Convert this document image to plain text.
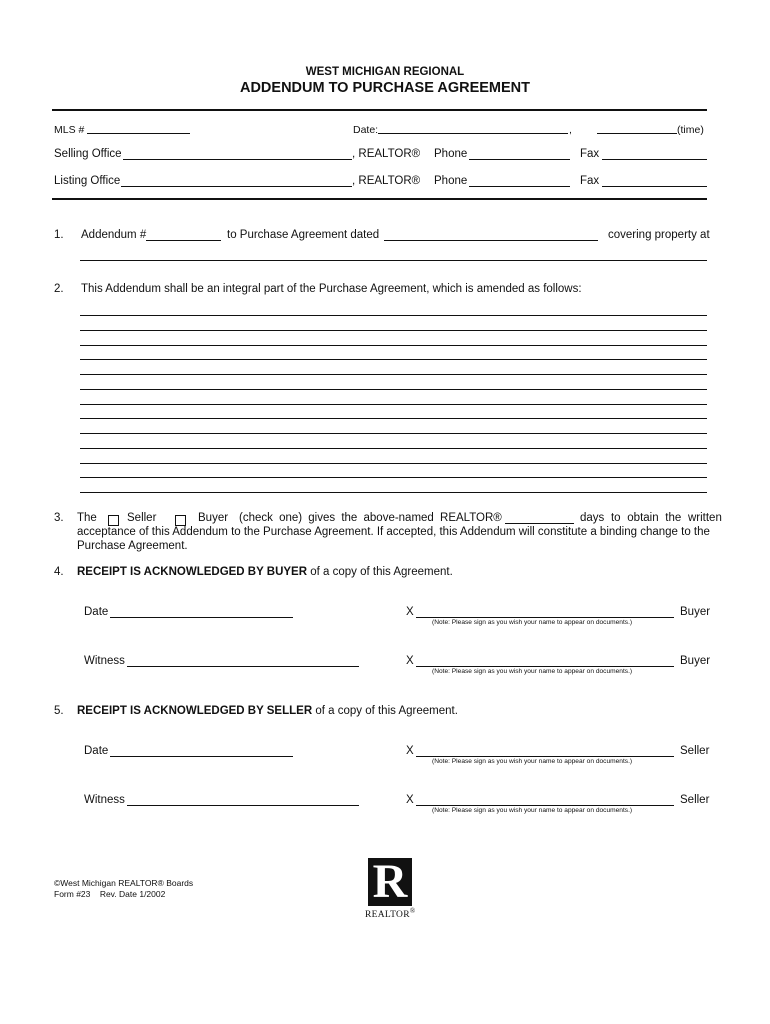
WEST MICHIGAN REGIONAL
ADDENDUM TO PURCHASE AGREEMENT
MLS #	Date:	,	(time)
Selling Office	, REALTOR® Phone	Fax
Listing Office	, REALTOR® Phone	Fax
1. Addendum #	to Purchase Agreement dated	covering property at
2. This Addendum shall be an integral part of the Purchase Agreement, which is amended as follows:
3. The	Seller	Buyer (check one) gives the above-named REALTOR®	days to obtain the written
acceptance of this Addendum to the Purchase Agreement. If accepted, this Addendum will constitute a binding change to the
Purchase Agreement.
4. RECEIPT IS ACKNOWLEDGED BY BUYER of a copy of this Agreement.
Date	X	Buyer
(Note: Please sign as you wish your name to appear on documents.)
Witness	X	Buyer
(Note: Please sign as you wish your name to appear on documents.)
5. RECEIPT IS ACKNOWLEDGED BY SELLER of a copy of this Agreement.
Date	X	Seller
(Note: Please sign as you wish your name to appear on documents.)
Witness	X	Seller
(Note: Please sign as you wish your name to appear on documents.)
©West Michigan REALTOR® Boards
Form #23    Rev. Date 1/2002	R
REALTOR®
